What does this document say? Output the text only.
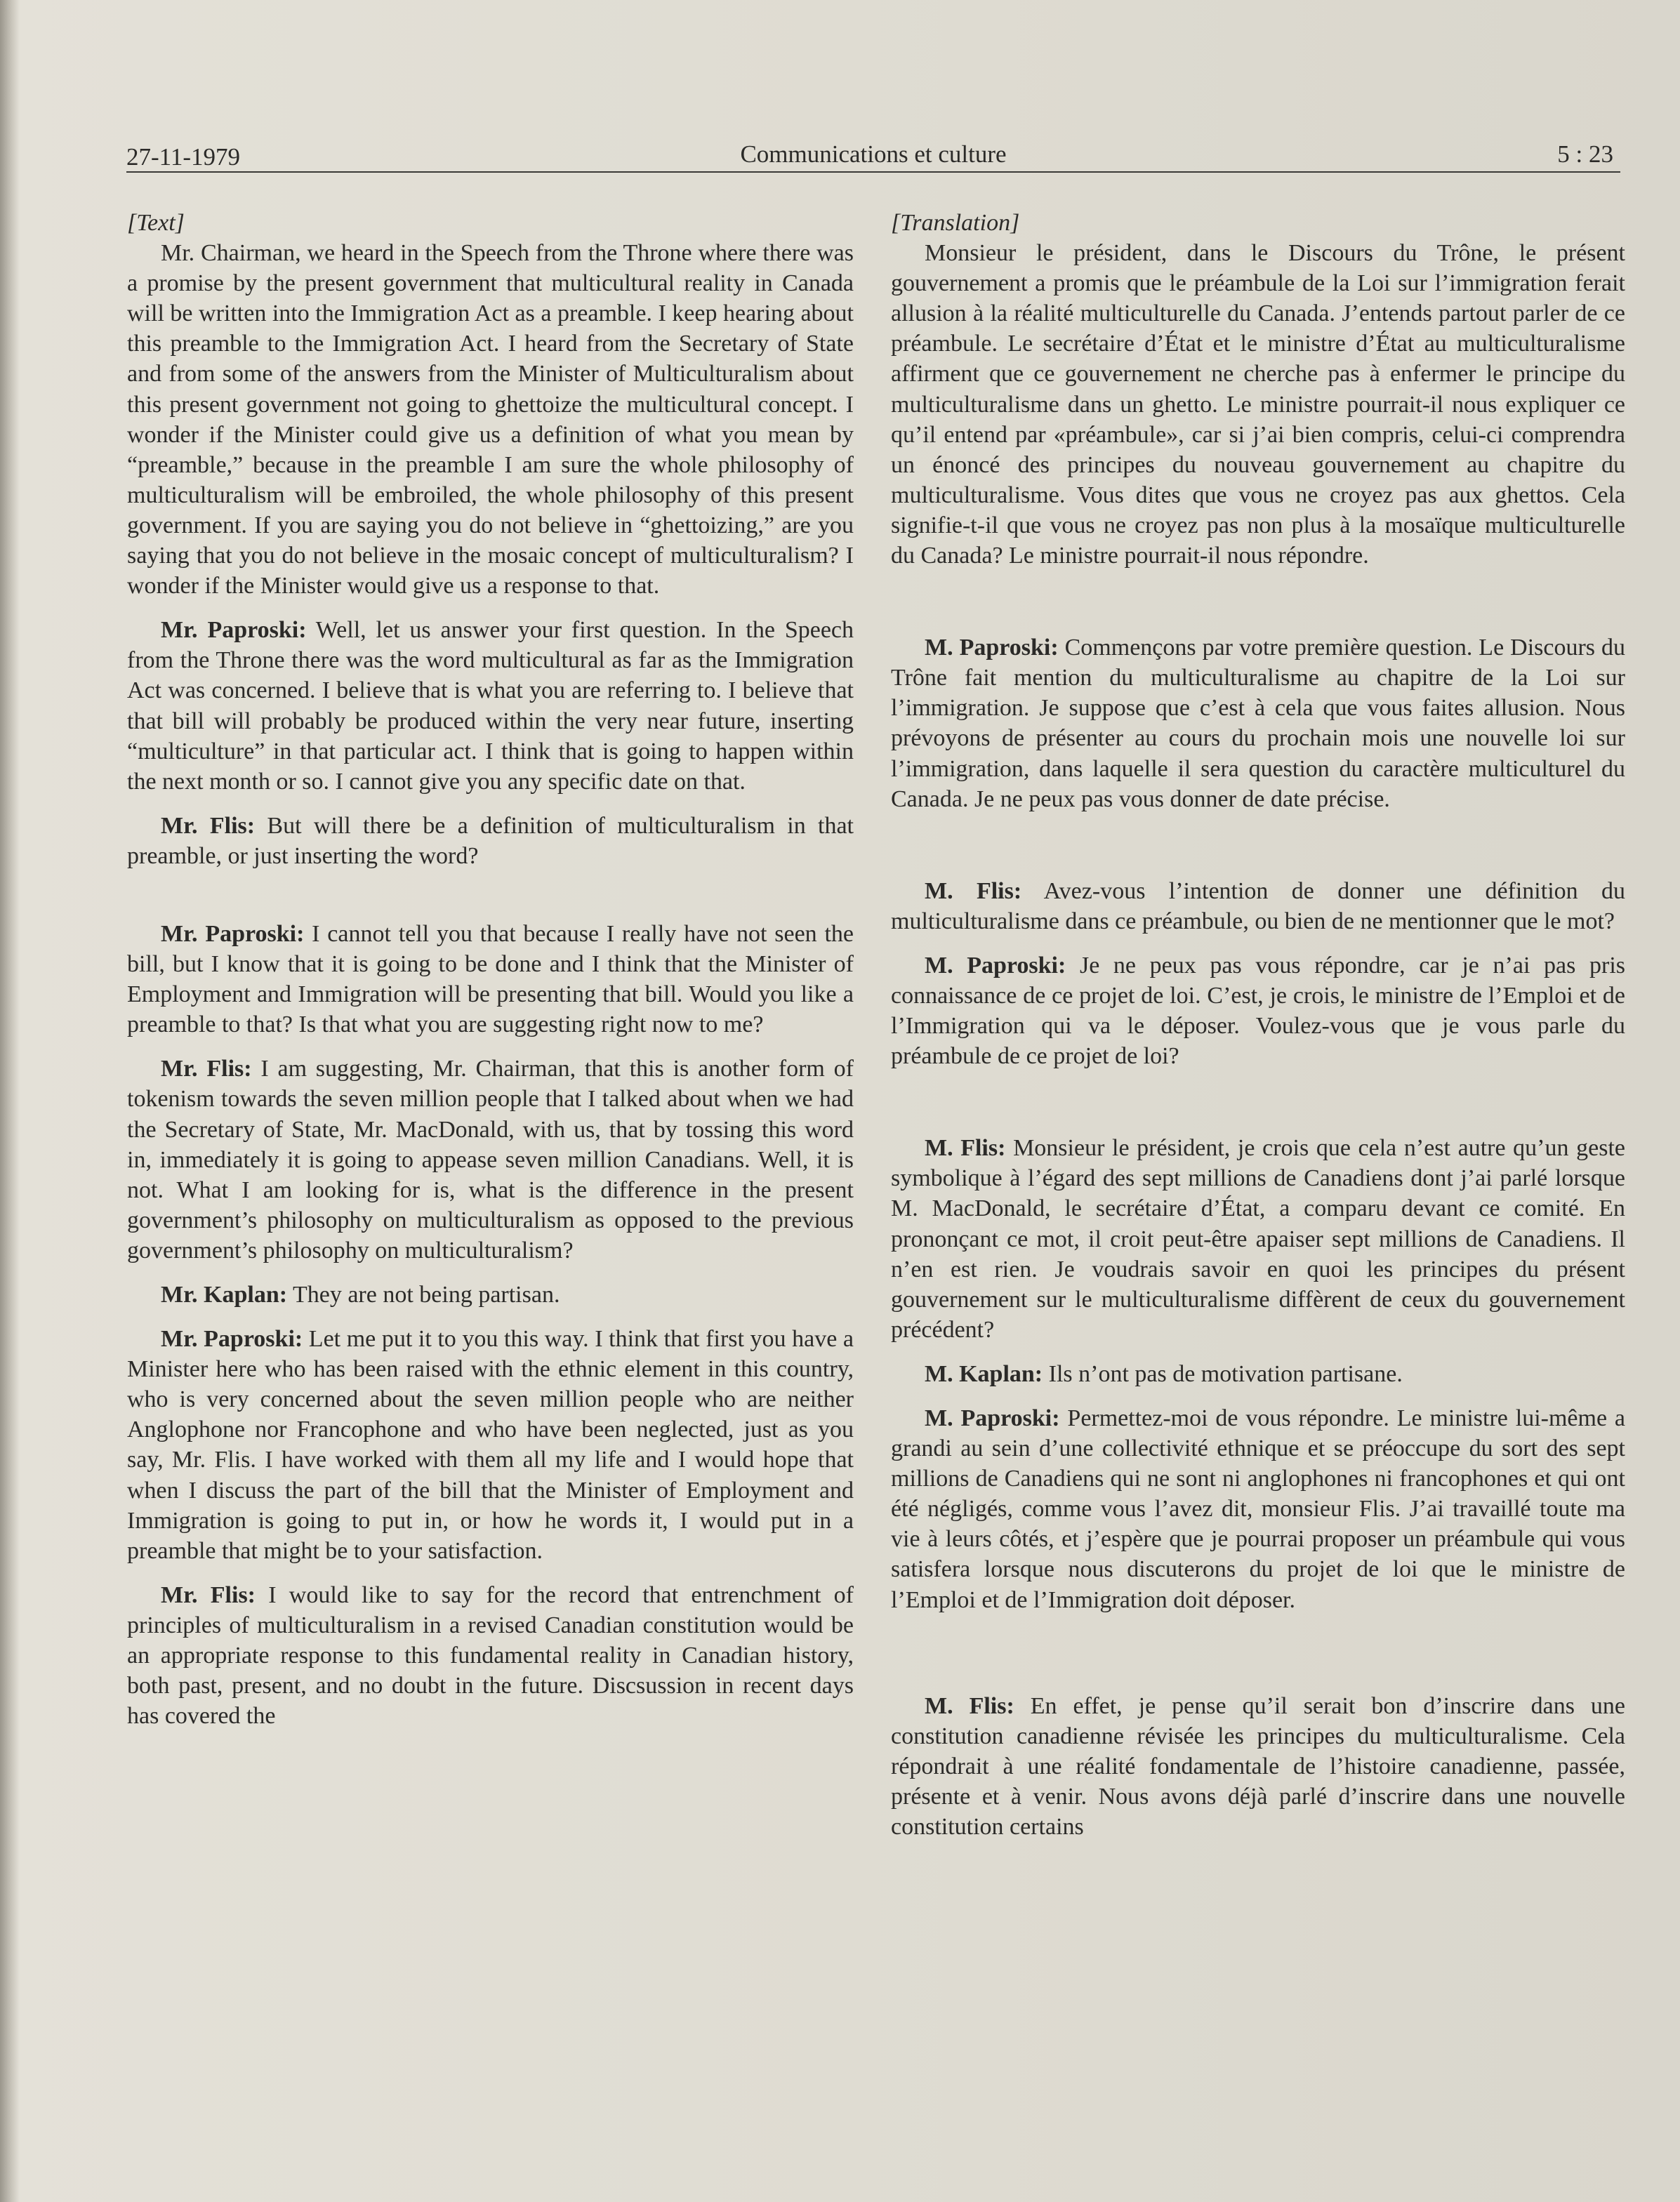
27-11-1979	Communications et culture	5 : 23

[Text]

Mr. Chairman, we heard in the Speech from the Throne where there was a promise by the present government that multicultural reality in Canada will be written into the Immigration Act as a preamble. I keep hearing about this preamble to the Immigration Act. I heard from the Secretary of State and from some of the answers from the Minister of Multiculturalism about this present government not going to ghettoize the multicultural concept. I wonder if the Minister could give us a definition of what you mean by “preamble,” because in the preamble I am sure the whole philosophy of multiculturalism will be embroiled, the whole philosophy of this present government. If you are saying you do not believe in “ghettoizing,” are you saying that you do not believe in the mosaic concept of multiculturalism? I wonder if the Minister would give us a response to that.

Mr. Paproski: Well, let us answer your first question. In the Speech from the Throne there was the word multicultural as far as the Immigration Act was concerned. I believe that is what you are referring to. I believe that that bill will probably be produced within the very near future, inserting “multiculture” in that particular act. I think that is going to happen within the next month or so. I cannot give you any specific date on that.

Mr. Flis: But will there be a definition of multiculturalism in that preamble, or just inserting the word?

Mr. Paproski: I cannot tell you that because I really have not seen the bill, but I know that it is going to be done and I think that the Minister of Employment and Immigration will be presenting that bill. Would you like a preamble to that? Is that what you are suggesting right now to me?

Mr. Flis: I am suggesting, Mr. Chairman, that this is another form of tokenism towards the seven million people that I talked about when we had the Secretary of State, Mr. MacDonald, with us, that by tossing this word in, immediately it is going to appease seven million Canadians. Well, it is not. What I am looking for is, what is the difference in the present government’s philosophy on multiculturalism as opposed to the previous government’s philosophy on multiculturalism?

Mr. Kaplan: They are not being partisan.

Mr. Paproski: Let me put it to you this way. I think that first you have a Minister here who has been raised with the ethnic element in this country, who is very concerned about the seven million people who are neither Anglophone nor Francophone and who have been neglected, just as you say, Mr. Flis. I have worked with them all my life and I would hope that when I discuss the part of the bill that the Minister of Employment and Immigration is going to put in, or how he words it, I would put in a preamble that might be to your satisfaction.

Mr. Flis: I would like to say for the record that entrenchment of principles of multiculturalism in a revised Canadian constitution would be an appropriate response to this fundamental reality in Canadian history, both past, present, and no doubt in the future. Discsussion in recent days has covered the

[Translation]

Monsieur le président, dans le Discours du Trône, le présent gouvernement a promis que le préambule de la Loi sur l’immigration ferait allusion à la réalité multiculturelle du Canada. J’entends partout parler de ce préambule. Le secrétaire d’État et le ministre d’État au multiculturalisme affirment que ce gouvernement ne cherche pas à enfermer le principe du multiculturalisme dans un ghetto. Le ministre pourrait-il nous expliquer ce qu’il entend par «préambule», car si j’ai bien compris, celui-ci comprendra un énoncé des principes du nouveau gouvernement au chapitre du multiculturalisme. Vous dites que vous ne croyez pas aux ghettos. Cela signifie-t-il que vous ne croyez pas non plus à la mosaïque multiculturelle du Canada? Le ministre pourrait-il nous répondre.

M. Paproski: Commençons par votre première question. Le Discours du Trône fait mention du multiculturalisme au chapitre de la Loi sur l’immigration. Je suppose que c’est à cela que vous faites allusion. Nous prévoyons de présenter au cours du prochain mois une nouvelle loi sur l’immigration, dans laquelle il sera question du caractère multiculturel du Canada. Je ne peux pas vous donner de date précise.

M. Flis: Avez-vous l’intention de donner une définition du multiculturalisme dans ce préambule, ou bien de ne mentionner que le mot?

M. Paproski: Je ne peux pas vous répondre, car je n’ai pas pris connaissance de ce projet de loi. C’est, je crois, le ministre de l’Emploi et de l’Immigration qui va le déposer. Voulez-vous que je vous parle du préambule de ce projet de loi?

M. Flis: Monsieur le président, je crois que cela n’est autre qu’un geste symbolique à l’égard des sept millions de Canadiens dont j’ai parlé lorsque M. MacDonald, le secrétaire d’État, a comparu devant ce comité. En prononçant ce mot, il croit peut-être apaiser sept millions de Canadiens. Il n’en est rien. Je voudrais savoir en quoi les principes du présent gouvernement sur le multiculturalisme diffèrent de ceux du gouvernement précédent?

M. Kaplan: Ils n’ont pas de motivation partisane.

M. Paproski: Permettez-moi de vous répondre. Le ministre lui-même a grandi au sein d’une collectivité ethnique et se préoccupe du sort des sept millions de Canadiens qui ne sont ni anglophones ni francophones et qui ont été négligés, comme vous l’avez dit, monsieur Flis. J’ai travaillé toute ma vie à leurs côtés, et j’espère que je pourrai proposer un préambule qui vous satisfera lorsque nous discuterons du projet de loi que le ministre de l’Emploi et de l’Immigration doit déposer.

M. Flis: En effet, je pense qu’il serait bon d’inscrire dans une constitution canadienne révisée les principes du multiculturalisme. Cela répondrait à une réalité fondamentale de l’histoire canadienne, passée, présente et à venir. Nous avons déjà parlé d’inscrire dans une nouvelle constitution certains
